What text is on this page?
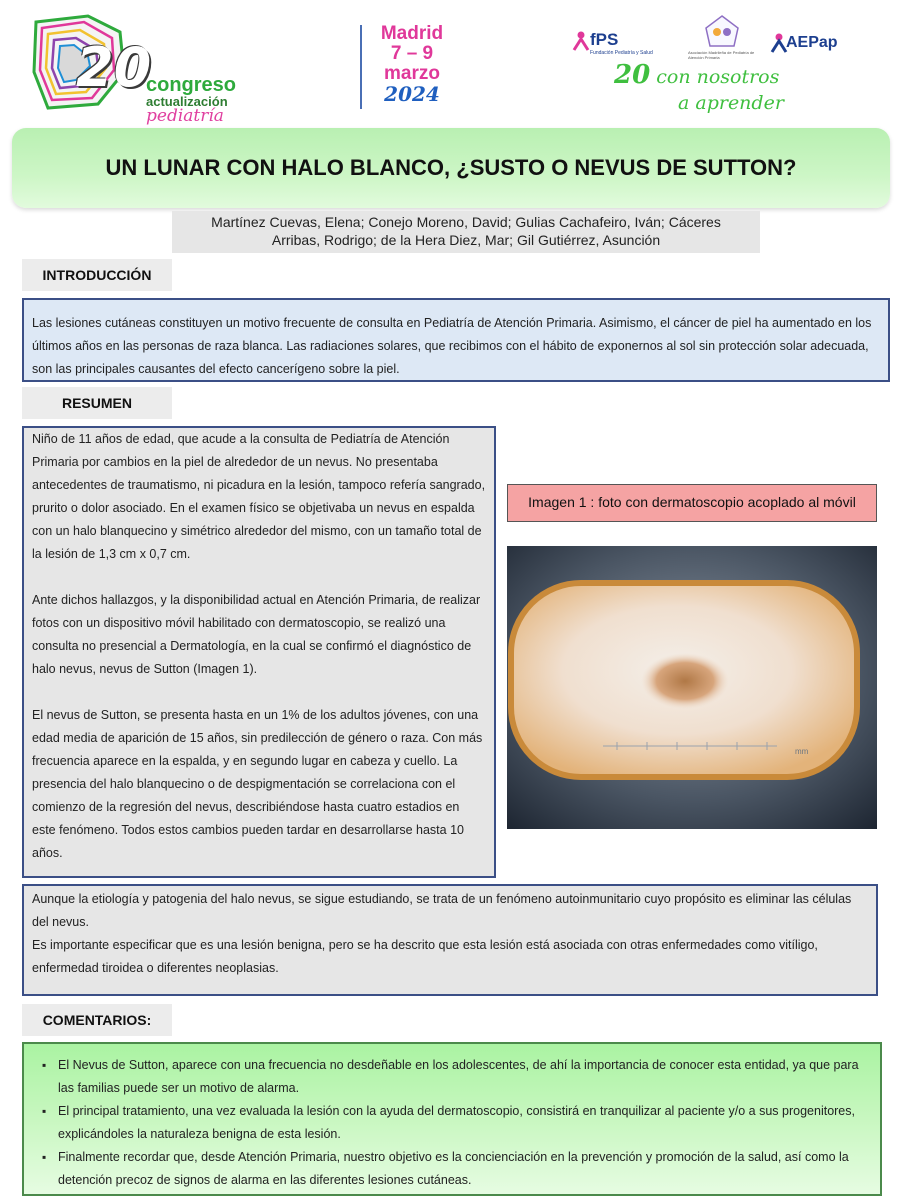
20
congreso
actualización
pediatría
Madrid
7 – 9
marzo
2024
fPS
Fundación Pediatría y Salud	Asociación Madrileña de Pediatría de Atención Primaria
AEPap
20 con nosotros
a aprender
UN LUNAR CON HALO BLANCO, ¿SUSTO O NEVUS DE SUTTON?
Martínez Cuevas, Elena; Conejo Moreno, David; Gulias Cachafeiro, Iván; Cáceres
Arribas, Rodrigo; de la Hera Diez, Mar; Gil Gutiérrez, Asunción
INTRODUCCIÓN
Las lesiones cutáneas constituyen un motivo frecuente de consulta en Pediatría de Atención Primaria. Asimismo, el cáncer de piel ha aumentado en los últimos años en las personas de raza blanca. Las radiaciones solares, que recibimos con el hábito de exponernos al sol sin protección solar adecuada, son las principales causantes del efecto cancerígeno sobre la piel.
RESUMEN

Niño de 11 años de edad, que acude a la consulta de Pediatría de Atención Primaria por cambios en la piel de alrededor de un nevus. No presentaba antecedentes de traumatismo, ni picadura en la lesión, tampoco refería sangrado, prurito o dolor asociado. En el examen físico se objetivaba un nevus en espalda con un halo blanquecino y simétrico alrededor del mismo, con un tamaño total de la lesión de 1,3 cm x 0,7 cm.

Ante dichos hallazgos, y la disponibilidad actual en Atención Primaria, de realizar fotos con un dispositivo móvil habilitado con dermatoscopio, se realizó una consulta no presencial a Dermatología, en la cual se confirmó el diagnóstico de halo nevus, nevus de Sutton (Imagen 1).

El nevus de Sutton, se presenta hasta en un 1% de los adultos jóvenes, con una edad media de aparición de 15 años, sin predilección de género o raza. Con más frecuencia aparece en la espalda, y en segundo lugar en cabeza y cuello. La presencia del halo blanquecino o de despigmentación se correlaciona con el comienzo de la regresión del nevus, describiéndose hasta cuatro estadios en este fenómeno. Todos estos cambios pueden tardar en desarrollarse hasta 10 años.

Imagen 1 : foto con dermatoscopio acoplado al móvil
mm
Aunque la etiología y patogenia del halo nevus, se sigue estudiando, se trata de un fenómeno autoinmunitario cuyo propósito es eliminar las células del nevus.
Es importante especificar que es una lesión benigna, pero se ha descrito que esta lesión está asociada con otras enfermedades como vitíligo, enfermedad tiroidea o diferentes neoplasias.
COMENTARIOS:
▪ El Nevus de Sutton, aparece con una frecuencia no desdeñable en los adolescentes, de ahí la importancia de conocer esta entidad, ya que para las familias puede ser un motivo de alarma.
▪ El principal tratamiento, una vez evaluada la lesión con la ayuda del dermatoscopio, consistirá en tranquilizar al paciente y/o a sus progenitores, explicándoles la naturaleza benigna de esta lesión.
▪ Finalmente recordar que, desde Atención Primaria, nuestro objetivo es la concienciación en la prevención y promoción de la salud, así como la detención precoz de signos de alarma en las diferentes lesiones cutáneas.
